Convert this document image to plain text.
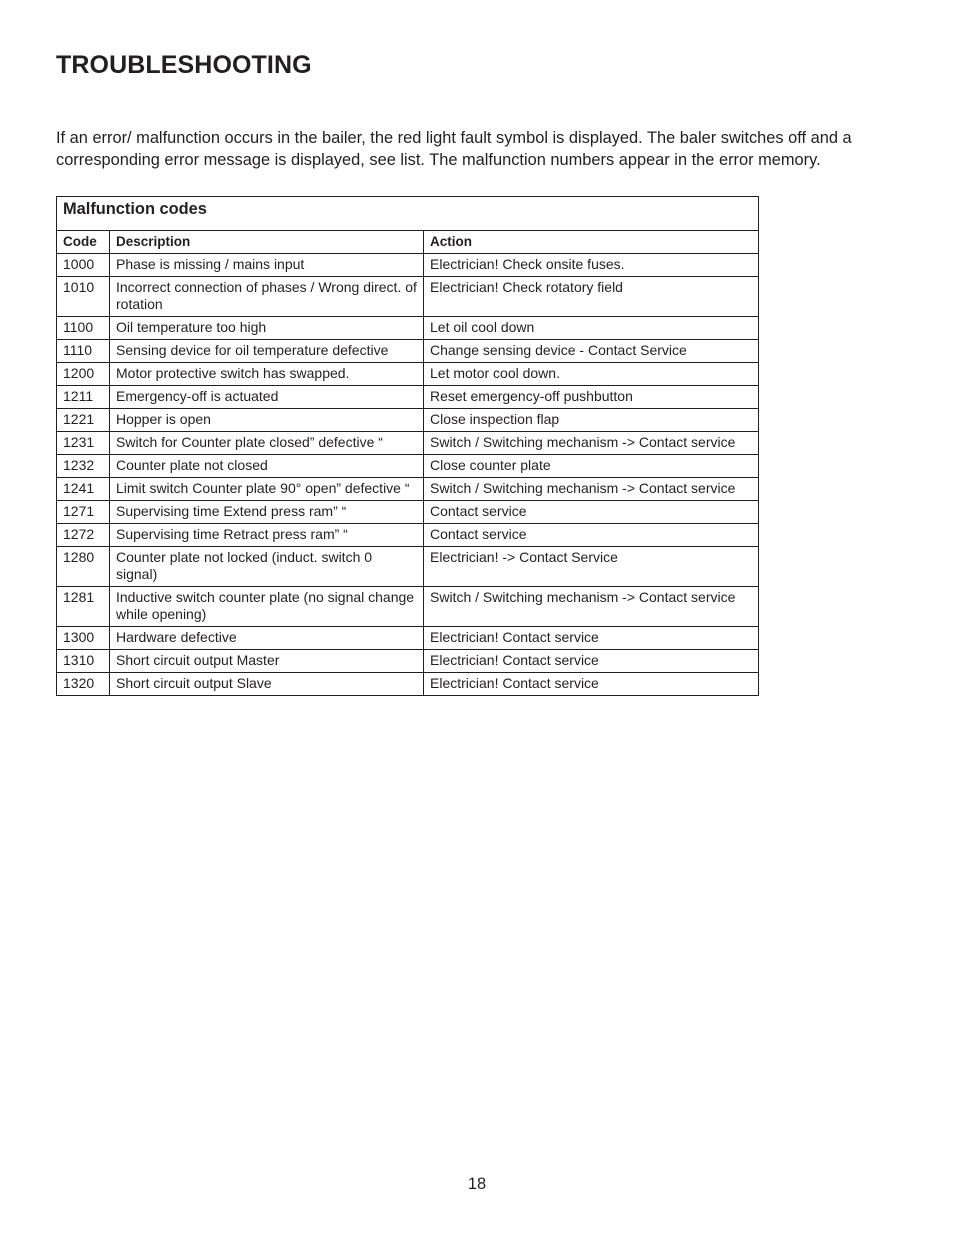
TROUBLESHOOTING

If an error/ malfunction occurs in the bailer, the red light fault symbol is displayed. The baler switches off and a corresponding error message is displayed, see list. The malfunction numbers appear in the error memory.

Malfunction codes		
Code	Description	Action
1000	Phase is missing / mains input	Electrician! Check onsite fuses.
1010	Incorrect connection of phases / Wrong direct. of rotation	Electrician! Check rotatory field
1100	Oil temperature too high	Let oil cool down
1110	Sensing device for oil temperature defective	Change sensing device - Contact Service
1200	Motor protective switch has swapped.	Let motor cool down.
1211	Emergency-off is actuated	Reset emergency-off pushbutton
1221	Hopper is open	Close inspection flap
1231	Switch for Counter plate closed” defective “	Switch / Switching mechanism -> Contact service
1232	Counter plate not closed	Close counter plate
1241	Limit switch Counter plate 90° open” defective “	Switch / Switching mechanism -> Contact service
1271	Supervising time Extend press ram” “	Contact service
1272	Supervising time Retract press ram” “	Contact service
1280	Counter plate not locked (induct. switch 0 signal)	Electrician! -> Contact Service
1281	Inductive switch counter plate (no signal change while opening)	Switch / Switching mechanism -> Contact service
1300	Hardware defective	Electrician! Contact service
1310	Short circuit output Master	Electrician! Contact service
1320	Short circuit output Slave	Electrician! Contact service
18
